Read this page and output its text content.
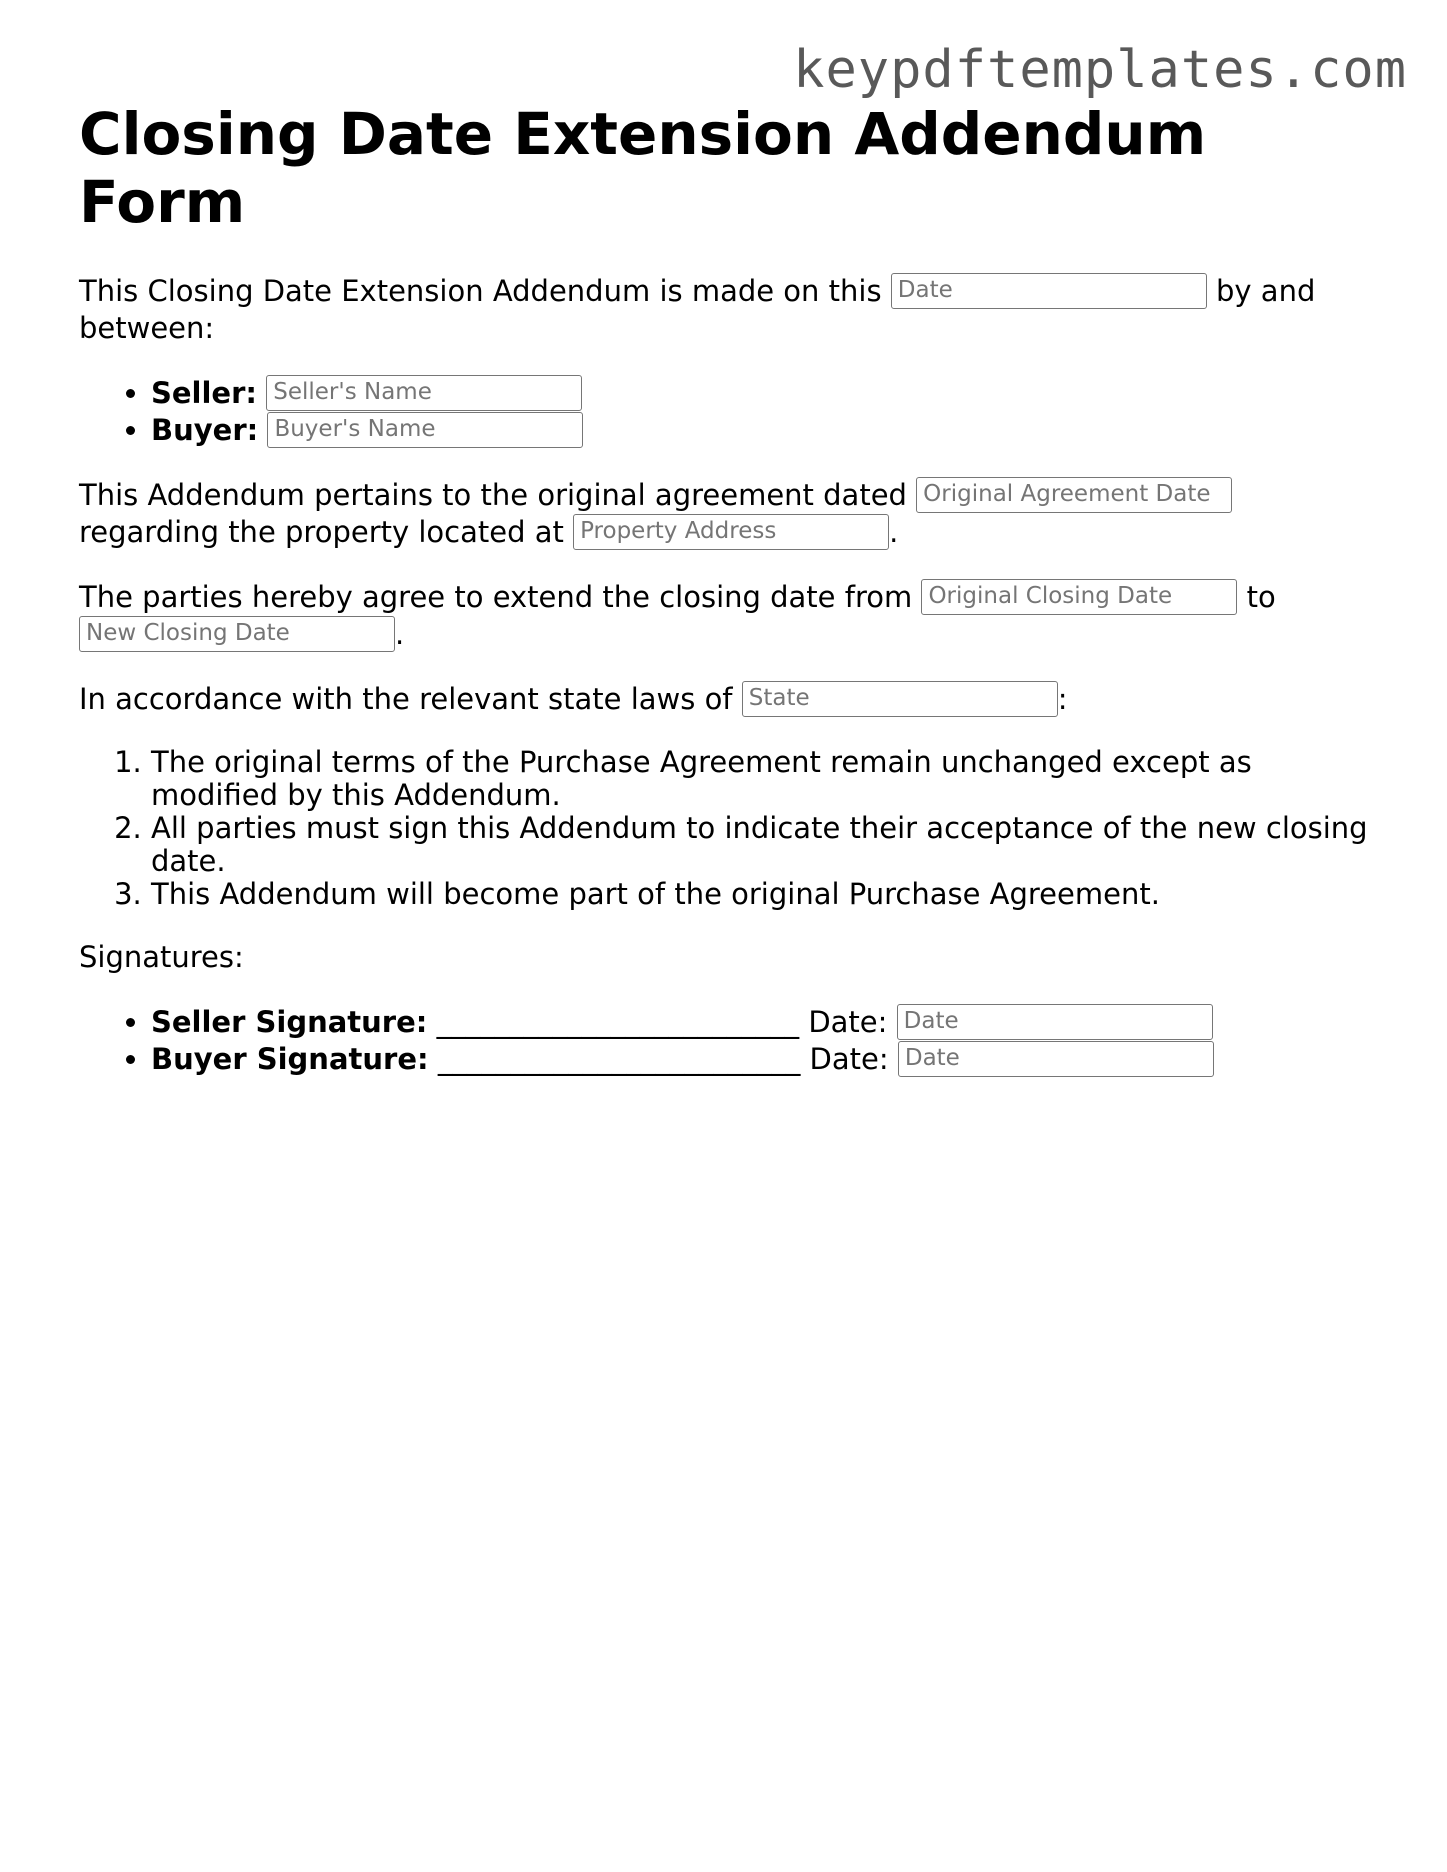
keypdftemplates.com
Closing Date Extension Addendum Form

This Closing Date Extension Addendum is made on this Date	by and between:

• Seller: Seller's Name
• Buyer: Buyer's Name

This Addendum pertains to the original agreement dated Original Agreement Date regarding the property located at Property Address	.

The parties hereby agree to extend the closing date from Original Closing Date	to New Closing Date	.

In accordance with the relevant state laws of State	:

1. The original terms of the Purchase Agreement remain unchanged except as modified by this Addendum.
2. All parties must sign this Addendum to indicate their acceptance of the new closing date.
3. This Addendum will become part of the original Purchase Agreement.

Signatures:

• Seller Signature: _________________________ Date: Date
• Buyer Signature: _________________________ Date: Date
